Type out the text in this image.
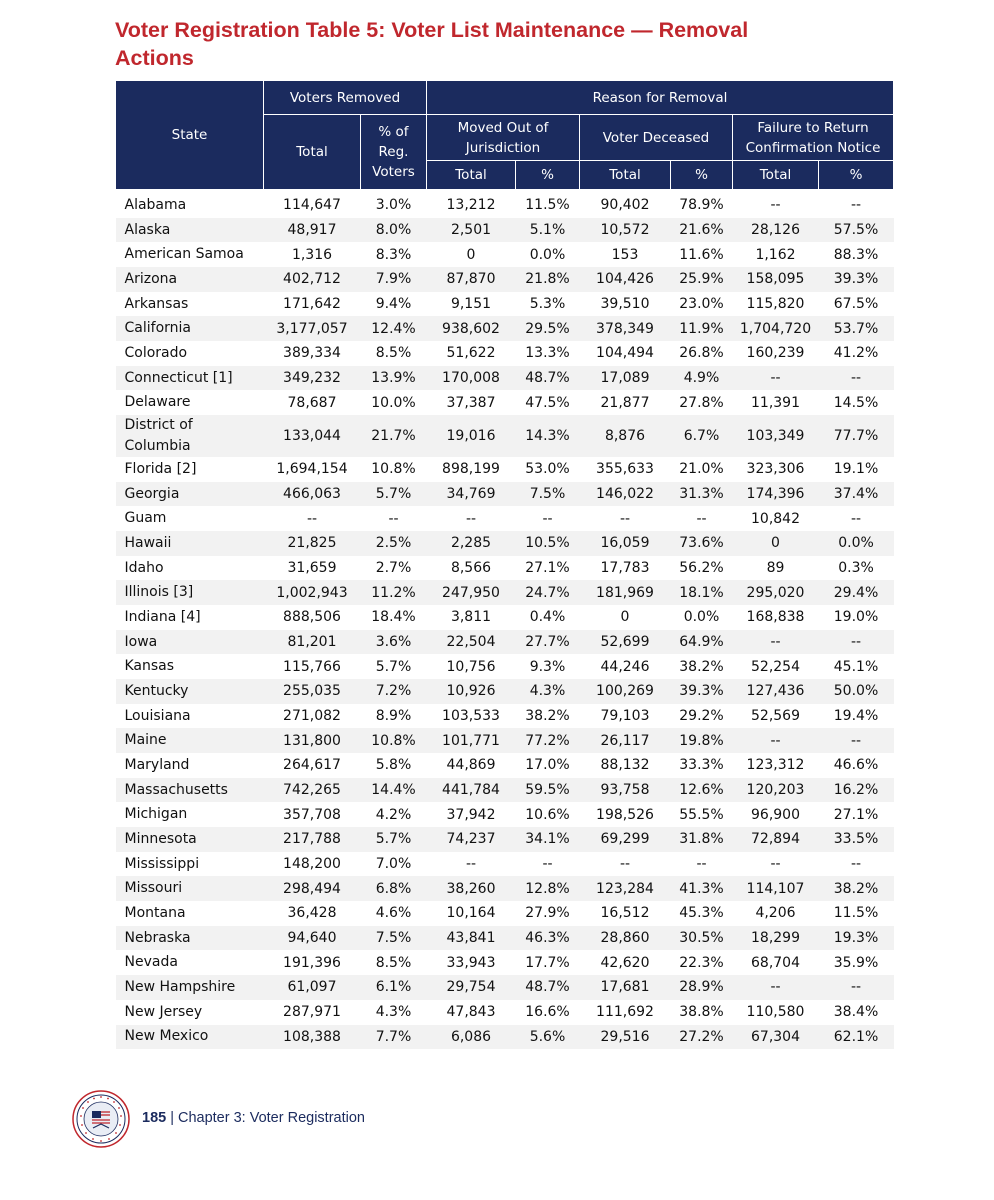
Voter Registration Table 5: Voter List Maintenance — Removal Actions
State	Voters Removed		Reason for Removal					
	Total	% of Reg. Voters	Moved Out of Jurisdiction		Voter Deceased		Failure to Return Confirmation Notice	
			Total	%	Total	%	Total	%
Alabama	114,647	3.0%	13,212	11.5%	90,402	78.9%	--	--
Alaska	48,917	8.0%	2,501	5.1%	10,572	21.6%	28,126	57.5%
American Samoa	1,316	8.3%	0	0.0%	153	11.6%	1,162	88.3%
Arizona	402,712	7.9%	87,870	21.8%	104,426	25.9%	158,095	39.3%
Arkansas	171,642	9.4%	9,151	5.3%	39,510	23.0%	115,820	67.5%
California	3,177,057	12.4%	938,602	29.5%	378,349	11.9%	1,704,720	53.7%
Colorado	389,334	8.5%	51,622	13.3%	104,494	26.8%	160,239	41.2%
Connecticut [1]	349,232	13.9%	170,008	48.7%	17,089	4.9%	--	--
Delaware	78,687	10.0%	37,387	47.5%	21,877	27.8%	11,391	14.5%
District of Columbia	133,044	21.7%	19,016	14.3%	8,876	6.7%	103,349	77.7%
Florida [2]	1,694,154	10.8%	898,199	53.0%	355,633	21.0%	323,306	19.1%
Georgia	466,063	5.7%	34,769	7.5%	146,022	31.3%	174,396	37.4%
Guam	--	--	--	--	--	--	10,842	--
Hawaii	21,825	2.5%	2,285	10.5%	16,059	73.6%	0	0.0%
Idaho	31,659	2.7%	8,566	27.1%	17,783	56.2%	89	0.3%
Illinois [3]	1,002,943	11.2%	247,950	24.7%	181,969	18.1%	295,020	29.4%
Indiana [4]	888,506	18.4%	3,811	0.4%	0	0.0%	168,838	19.0%
Iowa	81,201	3.6%	22,504	27.7%	52,699	64.9%	--	--
Kansas	115,766	5.7%	10,756	9.3%	44,246	38.2%	52,254	45.1%
Kentucky	255,035	7.2%	10,926	4.3%	100,269	39.3%	127,436	50.0%
Louisiana	271,082	8.9%	103,533	38.2%	79,103	29.2%	52,569	19.4%
Maine	131,800	10.8%	101,771	77.2%	26,117	19.8%	--	--
Maryland	264,617	5.8%	44,869	17.0%	88,132	33.3%	123,312	46.6%
Massachusetts	742,265	14.4%	441,784	59.5%	93,758	12.6%	120,203	16.2%
Michigan	357,708	4.2%	37,942	10.6%	198,526	55.5%	96,900	27.1%
Minnesota	217,788	5.7%	74,237	34.1%	69,299	31.8%	72,894	33.5%
Mississippi	148,200	7.0%	--	--	--	--	--	--
Missouri	298,494	6.8%	38,260	12.8%	123,284	41.3%	114,107	38.2%
Montana	36,428	4.6%	10,164	27.9%	16,512	45.3%	4,206	11.5%
Nebraska	94,640	7.5%	43,841	46.3%	28,860	30.5%	18,299	19.3%
Nevada	191,396	8.5%	33,943	17.7%	42,620	22.3%	68,704	35.9%
New Hampshire	61,097	6.1%	29,754	48.7%	17,681	28.9%	--	--
New Jersey	287,971	4.3%	47,843	16.6%	111,692	38.8%	110,580	38.4%
New Mexico	108,388	7.7%	6,086	5.6%	29,516	27.2%	67,304	62.1%
185 | Chapter 3: Voter Registration
